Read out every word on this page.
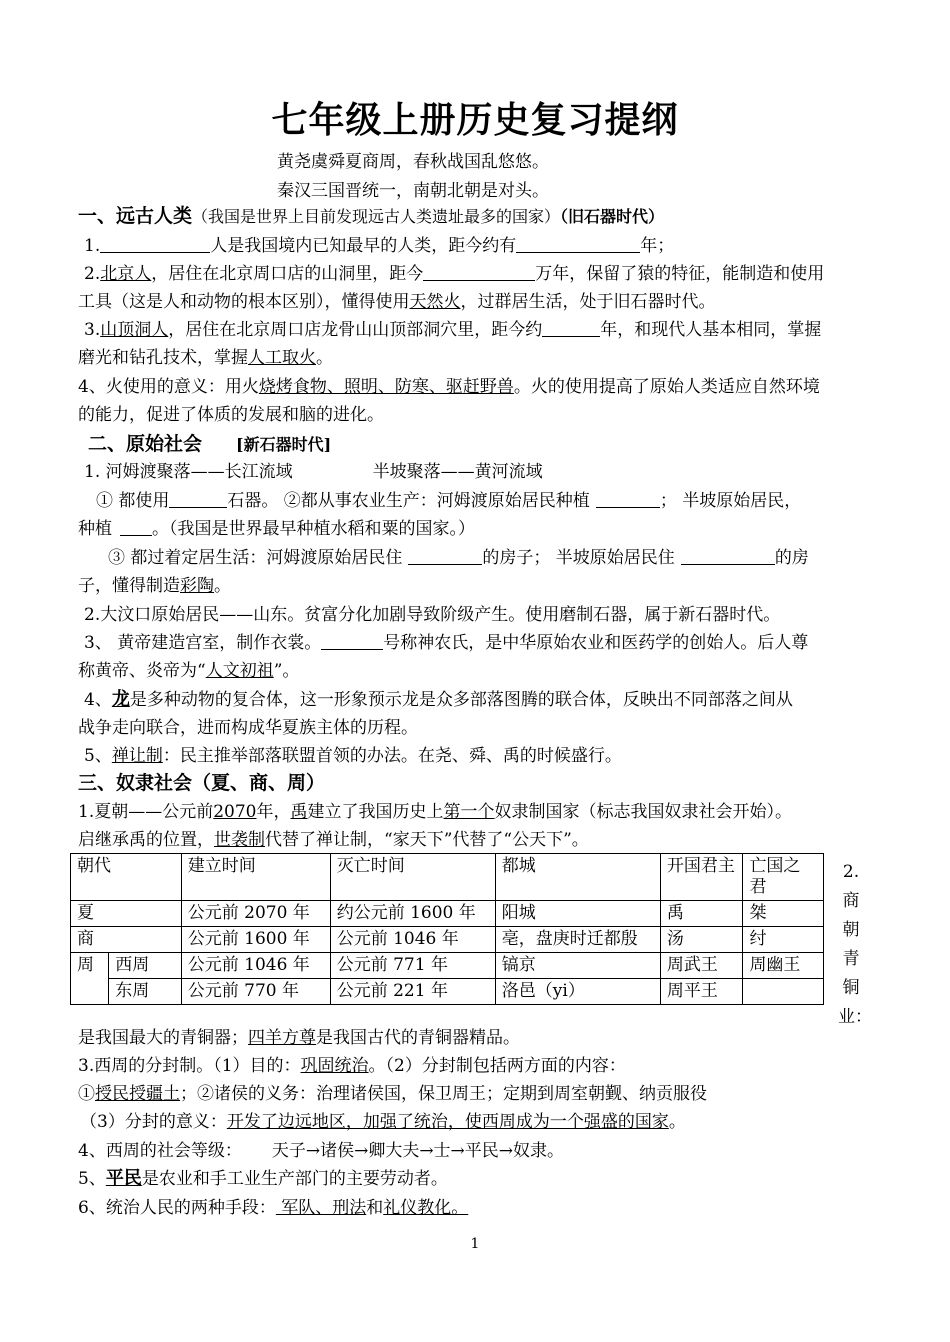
七年级上册历史复习提纲
黄尧虞舜夏商周，春秋战国乱悠悠。
秦汉三国晋统一，南朝北朝是对头。
一、远古人类（我国是世界上目前发现远古人类遗址最多的国家）（旧石器时代）
1.	人是我国境内已知最早的人类，距今约有	年；
2.北京人，居住在北京周口店的山洞里，距今	万年，保留了猿的特征，能制造和使用
工具（这是人和动物的根本区别），懂得使用天然火，过群居生活，处于旧石器时代。
3.山顶洞人，居住在北京周口店龙骨山山顶部洞穴里，距今约	年，和现代人基本相同，掌握
磨光和钻孔技术，掌握人工取火。
4、火使用的意义：用火烧烤食物、照明、防寒、驱赶野兽。火的使用提高了原始人类适应自然环境
的能力，促进了体质的发展和脑的进化。
二、原始社会 [新石器时代]
1. 河姆渡聚落——长江流域	半坡聚落——黄河流域
① 都使用	石器。 ②都从事农业生产：河姆渡原始居民种植	； 半坡原始居民，
种植 。（我国是世界最早种植水稻和粟的国家。）
③ 都过着定居生活：河姆渡原始居民住	的房子； 半坡原始居民住	的房
子，懂得制造彩陶。
2.大汶口原始居民——山东。贫富分化加剧导致阶级产生。使用磨制石器，属于新石器时代。
3、 黄帝建造宫室，制作衣裳。	号称神农氏，是中华原始农业和医药学的创始人。后人尊
称黄帝、炎帝为“人文初祖”。
4、龙是多种动物的复合体，这一形象预示龙是众多部落图腾的联合体，反映出不同部落之间从
战争走向联合，进而构成华夏族主体的历程。
5、禅让制：民主推举部落联盟首领的办法。在尧、舜、禹的时候盛行。
三、奴隶社会（夏、商、周）
1.夏朝——公元前2070年，禹建立了我国历史上第一个奴隶制国家（标志我国奴隶社会开始）。
启继承禹的位置，世袭制代替了禅让制，“家天下”代替了“公天下”。
朝代		建立时间	灭亡时间	都城	开国君主	亡国之君
夏		公元前 2070 年	约公元前 1600 年	阳城	禹	桀
商		公元前 1600 年	公元前 1046 年	亳，盘庚时迁都殷	汤	纣
周	西周	公元前 1046 年	公元前 771 年	镐京	周武王	周幽王
	东周	公元前 770 年	公元前 221 年	洛邑（yi）	周平王	
2.
商
朝
青
铜
业：
是我国最大的青铜器；四羊方尊是我国古代的青铜器精品。
3.西周的分封制。（1）目的：巩固统治。（2）分封制包括两方面的内容：
①授民授疆土；②诸侯的义务：治理诸侯国，保卫周王；定期到周室朝觐、纳贡服役
（3）分封的意义：开发了边远地区，加强了统治，使西周成为一个强盛的国家。
4、西周的社会等级： 天子→诸侯→卿大夫→士→平民→奴隶。
5、平民是农业和手工业生产部门的主要劳动者。
6、统治人民的两种手段： 军队、刑法和礼仪教化。
1
